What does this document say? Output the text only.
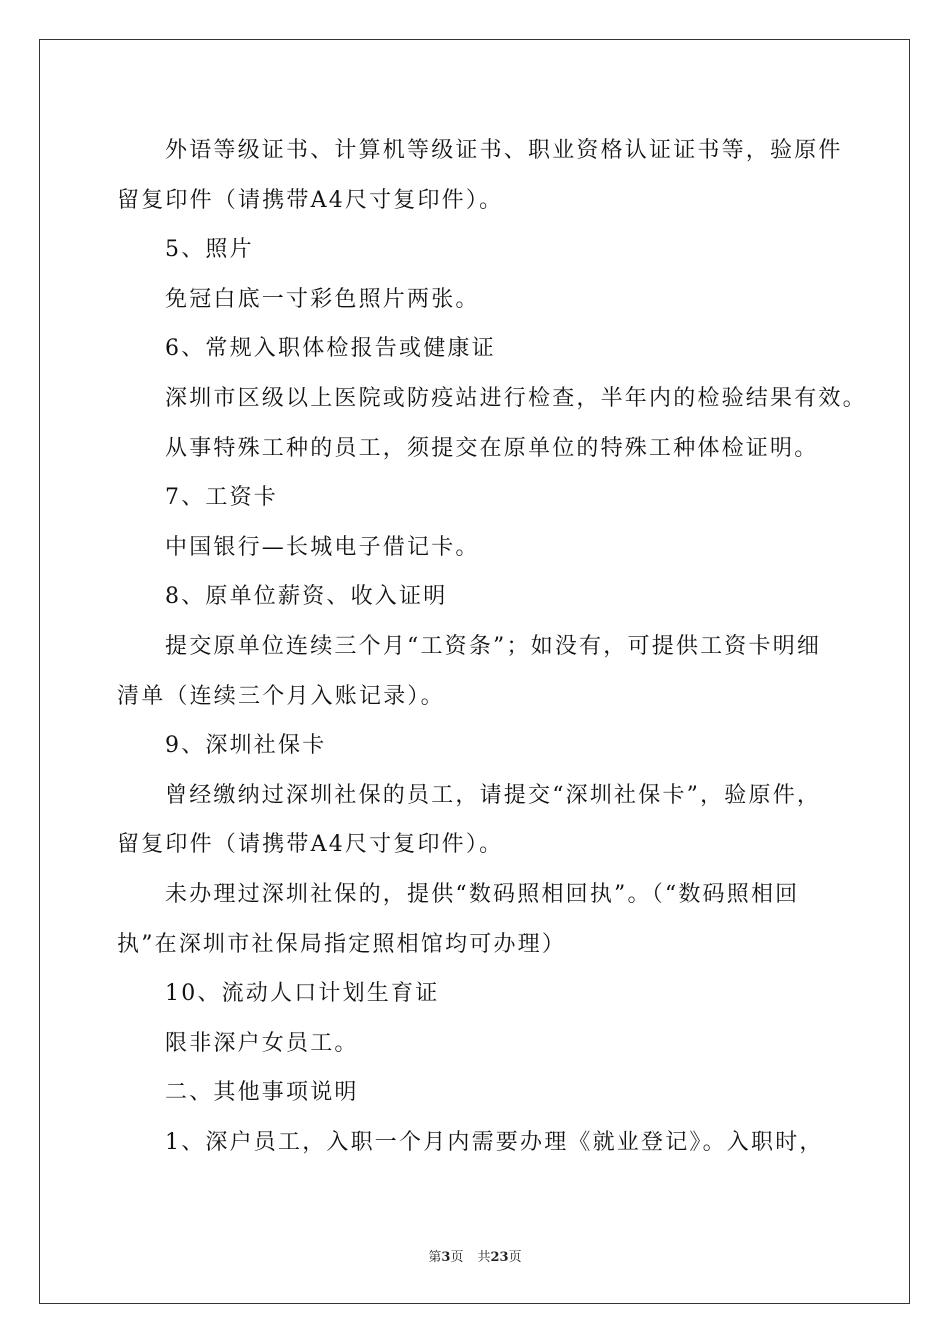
外语等级证书、计算机等级证书、职业资格认证证书等，验原件
留复印件（请携带A4尺寸复印件）。
5、照片
免冠白底一寸彩色照片两张。
6、常规入职体检报告或健康证
深圳市区级以上医院或防疫站进行检查，半年内的检验结果有效。
从事特殊工种的员工，须提交在原单位的特殊工种体检证明。
7、工资卡
中国银行—长城电子借记卡。
8、原单位薪资、收入证明
提交原单位连续三个月“工资条”；如没有，可提供工资卡明细
清单（连续三个月入账记录）。
9、深圳社保卡
曾经缴纳过深圳社保的员工，请提交“深圳社保卡”，验原件，
留复印件（请携带A4尺寸复印件）。
未办理过深圳社保的，提供“数码照相回执”。（“数码照相回
执”在深圳市社保局指定照相馆均可办理）
10、流动人口计划生育证
限非深户女员工。
二、其他事项说明
1、深户员工，入职一个月内需要办理《就业登记》。入职时，
第3页 共23页
